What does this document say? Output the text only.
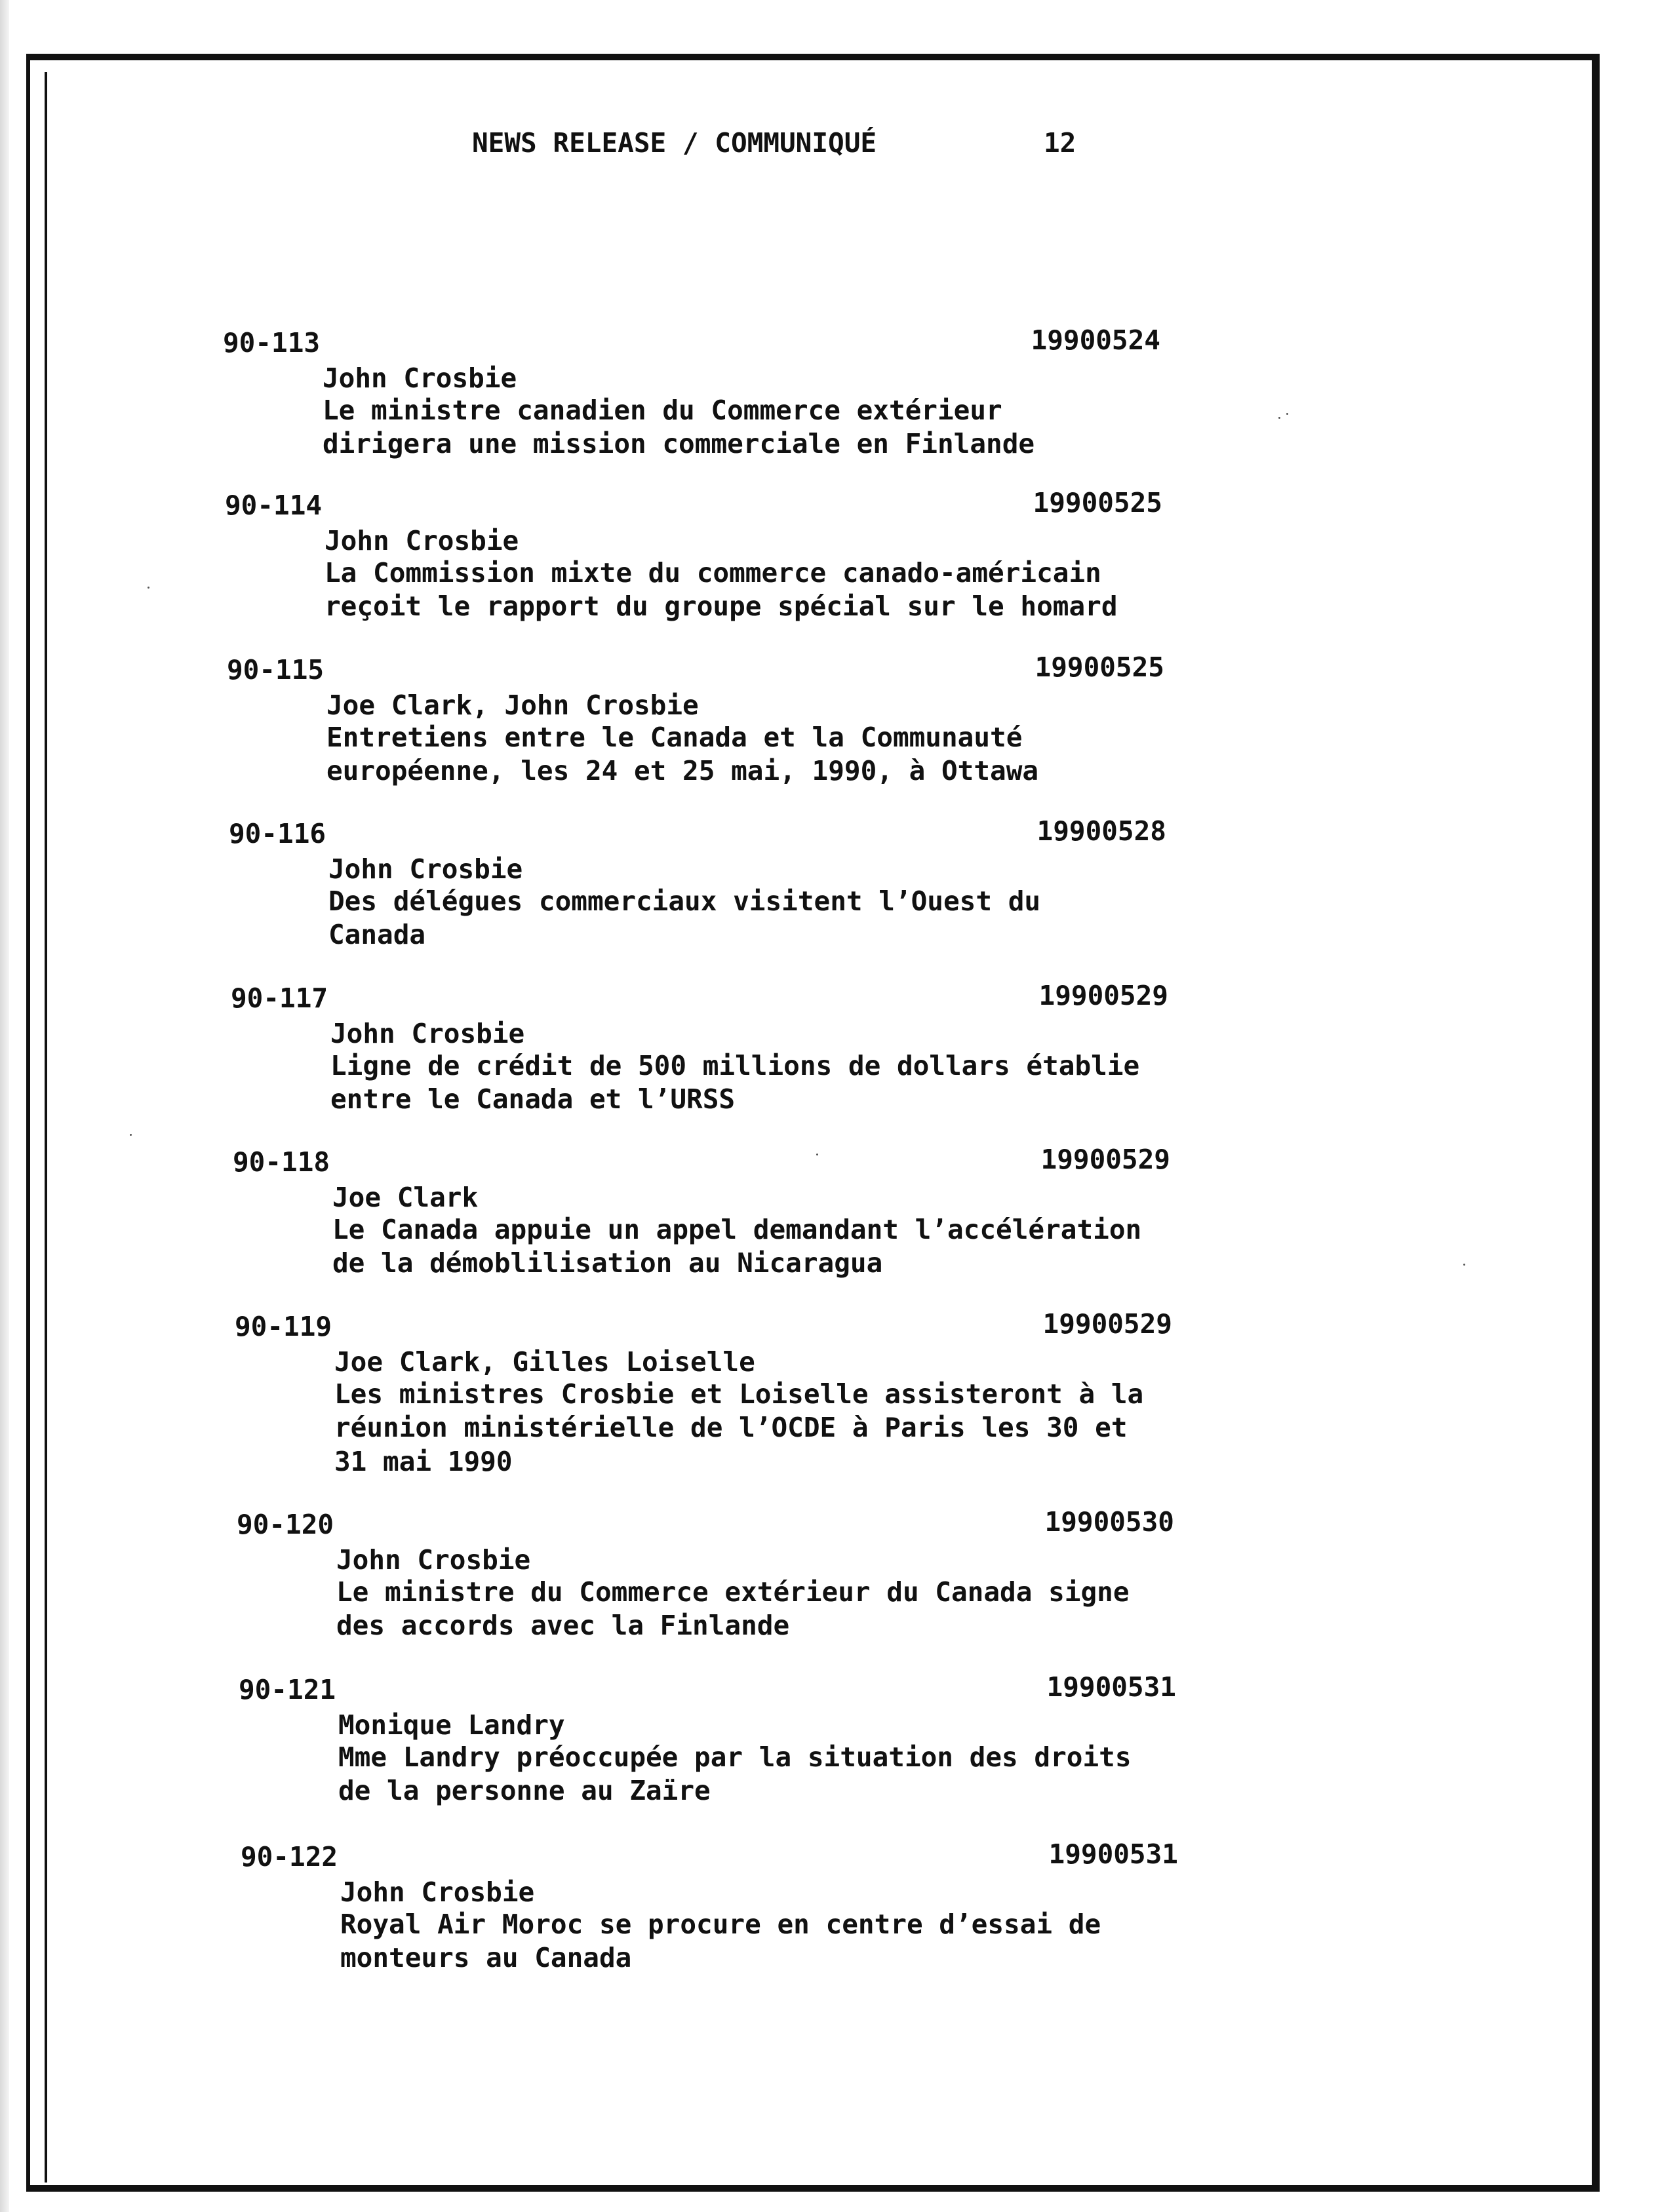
NEWS RELEASE / COMMUNIQUÉ

	12

90-113	19900524
John Crosbie
Le ministre canadien du Commerce extérieur
dirigera une mission commerciale en Finlande
90-114	19900525
John Crosbie
La Commission mixte du commerce canado-américain
reçoit le rapport du groupe spécial sur le homard
90-115	19900525
Joe Clark, John Crosbie
Entretiens entre le Canada et la Communauté
européenne, les 24 et 25 mai, 1990, à Ottawa
90-116	19900528
John Crosbie
Des délégues commerciaux visitent l’Ouest du
Canada
90-117	19900529
John Crosbie
Ligne de crédit de 500 millions de dollars établie
entre le Canada et l’URSS
90-118	19900529
Joe Clark
Le Canada appuie un appel demandant l’accélération
de la démoblilisation au Nicaragua
90-119	19900529
Joe Clark, Gilles Loiselle
Les ministres Crosbie et Loiselle assisteront à la
réunion ministérielle de l’OCDE à Paris les 30 et
31 mai 1990
90-120	19900530
John Crosbie
Le ministre du Commerce extérieur du Canada signe
des accords avec la Finlande
90-121	19900531
Monique Landry
Mme Landry préoccupée par la situation des droits
de la personne au Zaïre
90-122	19900531
John Crosbie
Royal Air Moroc se procure en centre d’essai de
monteurs au Canada
